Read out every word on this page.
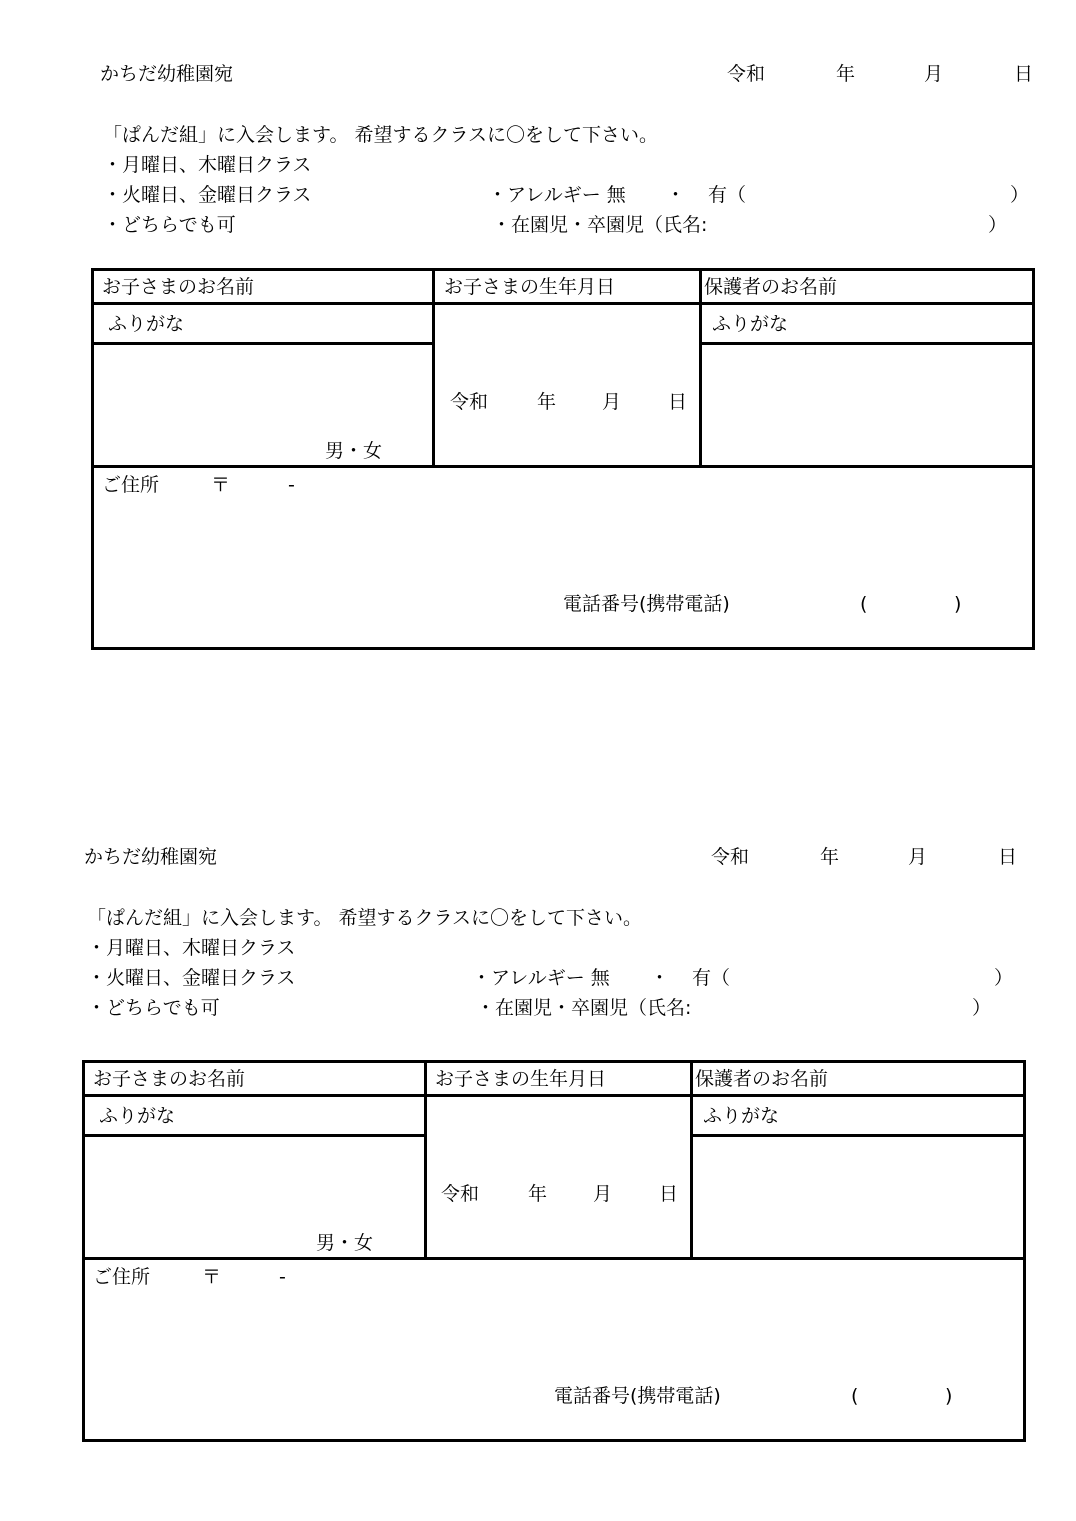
かちだ幼稚園宛	令和	年	月	日
「ぱんだ組」に入会します。 希望するクラスに〇をして下さい。
・月曜日、木曜日クラス
・火曜日、金曜日クラス
・どちらでも可
・アレルギー 無 ・ 有（	）
・在園児・卒園児（氏名:	）
お子さまのお名前	お子さまの生年月日	保護者のお名前
ふりがな	ふりがな
男・女
令和	年 月 日
ご住所	〒	-
電話番号(携帯電話)	(	)
かちだ幼稚園宛	令和	年	月	日
「ぱんだ組」に入会します。 希望するクラスに〇をして下さい。
・月曜日、木曜日クラス
・火曜日、金曜日クラス
・どちらでも可
・アレルギー 無 ・ 有（	）
・在園児・卒園児（氏名:	）
お子さまのお名前	お子さまの生年月日	保護者のお名前
ふりがな	ふりがな
男・女
令和	年 月 日
ご住所	〒	-
電話番号(携帯電話)	(	)
